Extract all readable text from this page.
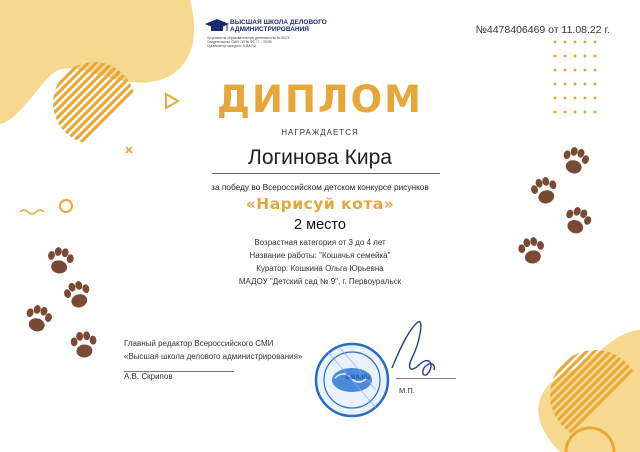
ВЫСШАЯ ШКОЛА ДЕЛОВОГО АДМИНИСТРИРОВАНИЯ
Лицензия на образовательную деятельность №19474
Свидетельство СМИ: ЭЛ № ФС 77 - 70099
Организатор конкурса: S-BA.RU
№4478406469 от 11.08.22 г.
ДИПЛОМ
НАГРАЖДАЕТСЯ
Логинова Кира
за победу во Всероссийском детском конкурсе рисунков
«Нарисуй кота»
2 место
Возрастная категория от 3 до 4 лет
Название работы: "Кошачья семейка"
Куратор: Кошкина Ольга Юрьевна
МАДОУ "Детский сад № 9", г. Первоуральск
Главный редактор Всероссийского СМИ
«Высшая школа делового администрирования»
А.В. Скрипов	S-BA.RU
М.П.
